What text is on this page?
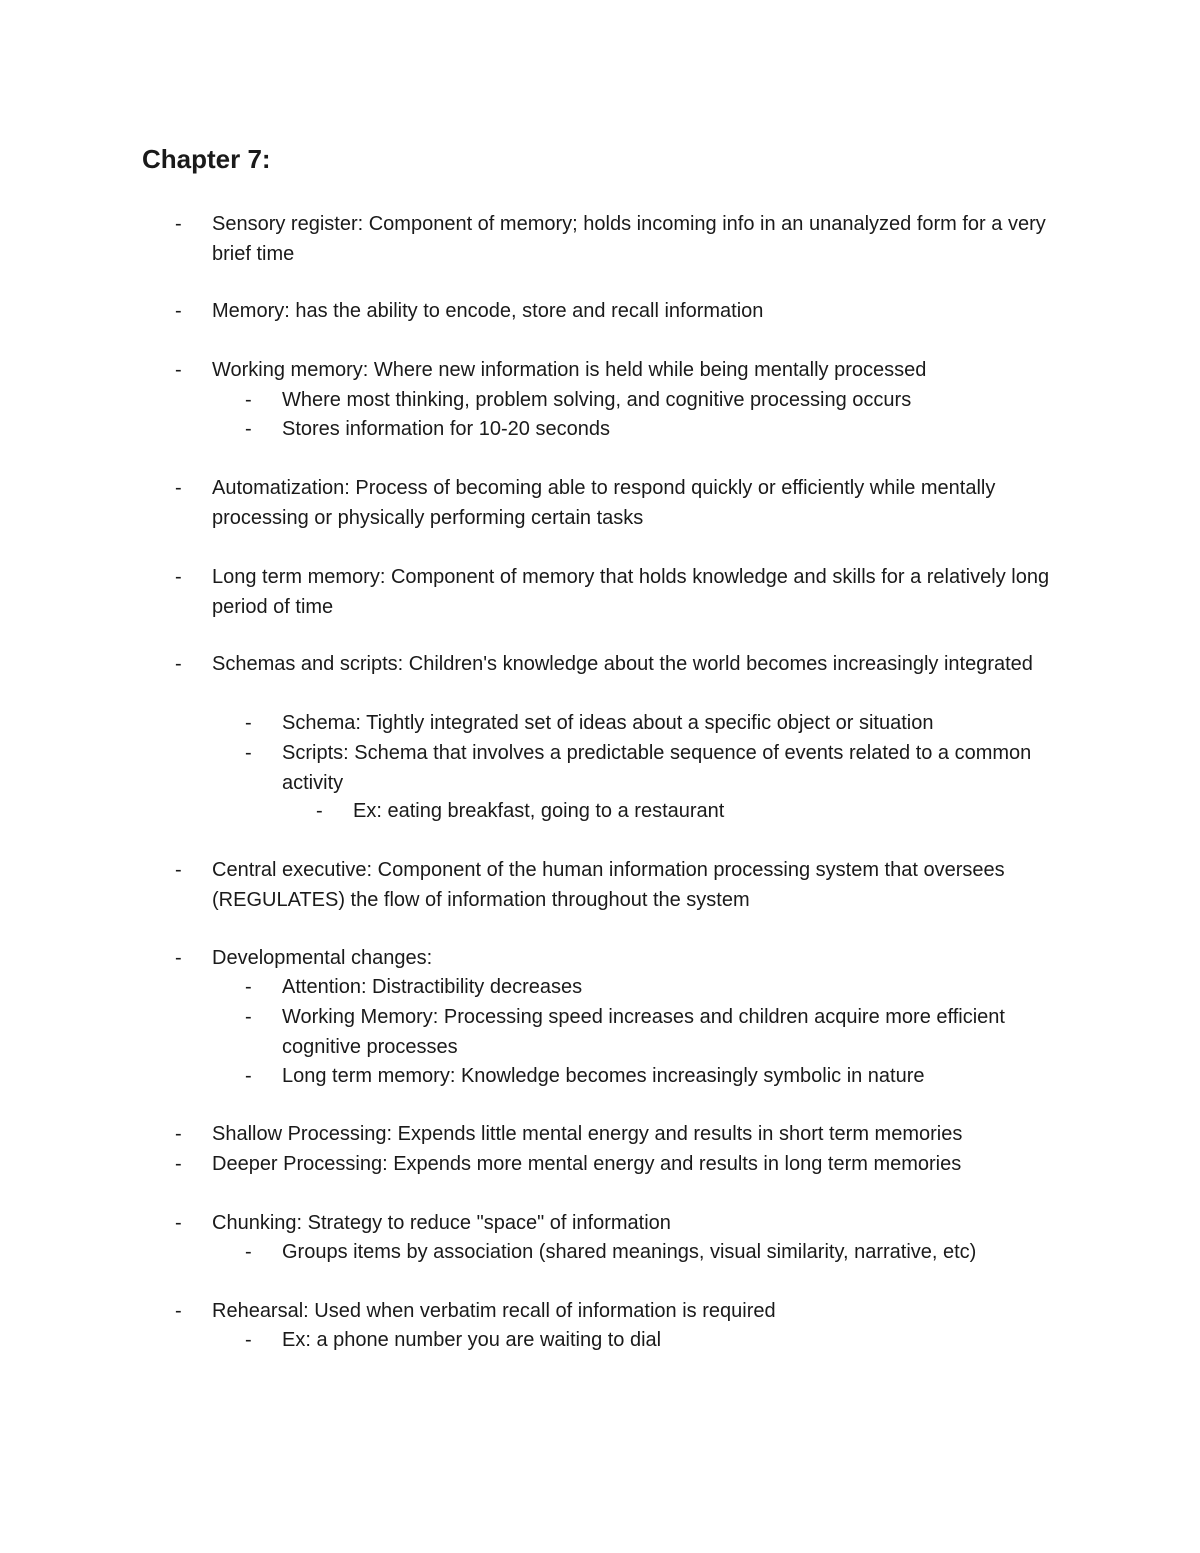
Chapter 7:
- Sensory register: Component of memory; holds incoming info in an unanalyzed form for a very brief time
- Memory: has the ability to encode, store and recall information
- Working memory: Where new information is held while being mentally processed
- Where most thinking, problem solving, and cognitive processing occurs
- Stores information for 10-20 seconds
- Automatization: Process of becoming able to respond quickly or efficiently while mentally processing or physically performing certain tasks
- Long term memory: Component of memory that holds knowledge and skills for a relatively long period of time
- Schemas and scripts: Children's knowledge about the world becomes increasingly integrated
- Schema: Tightly integrated set of ideas about a specific object or situation
- Scripts: Schema that involves a predictable sequence of events related to a common activity
- Ex: eating breakfast, going to a restaurant
- Central executive: Component of the human information processing system that oversees (REGULATES) the flow of information throughout the system
- Developmental changes:
- Attention: Distractibility decreases
- Working Memory: Processing speed increases and children acquire more efficient cognitive processes
- Long term memory: Knowledge becomes increasingly symbolic in nature
- Shallow Processing: Expends little mental energy and results in short term memories
- Deeper Processing: Expends more mental energy and results in long term memories
- Chunking: Strategy to reduce "space" of information
- Groups items by association (shared meanings, visual similarity, narrative, etc)
- Rehearsal: Used when verbatim recall of information is required
- Ex: a phone number you are waiting to dial
